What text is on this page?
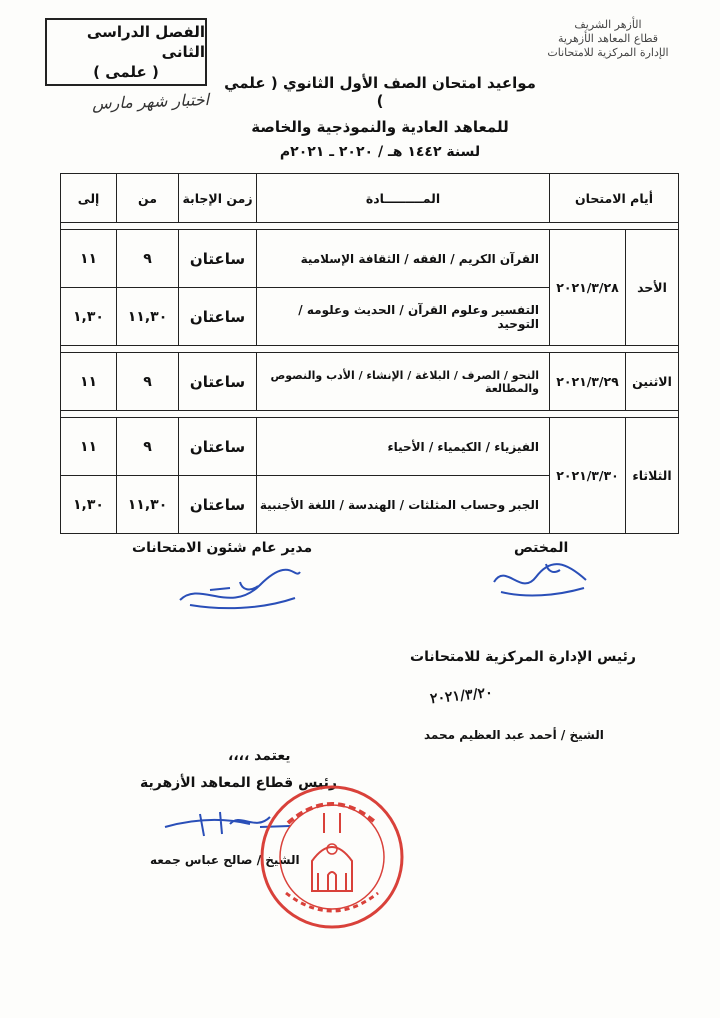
الفصل الدراسى الثانى
( علمى )
اختبار شهر مارس
الأزهر الشريف
قطاع المعاهد الأزهرية
الإدارة المركزية للامتحانات
مواعيد امتحان الصف الأول الثانوي ( علمي )
للمعاهد العادية والنموذجية والخاصة
لسنة ١٤٤٢ هـ / ٢٠٢٠ ـ ٢٠٢١م
أيام الامتحان		المـــــــــادة	زمن الإجابة	من	إلى

الأحد	٢٠٢١/٣/٢٨	القرآن الكريم / الفقه / الثقافة الإسلامية	ساعتان	٩	١١
		التفسير وعلوم القرآن / الحديث وعلومه / التوحيد	ساعتان	١١,٣٠	١,٣٠

الاثنين	٢٠٢١/٣/٢٩	النحو / الصرف / البلاغة / الإنشاء / الأدب والنصوص والمطالعة	ساعتان	٩	١١

الثلاثاء	٢٠٢١/٣/٣٠	الفيزياء / الكيمياء / الأحياء	ساعتان	٩	١١
		الجبر وحساب المثلثات / الهندسة / اللغة الأجنبية	ساعتان	١١,٣٠	١,٣٠
مدير عام شئون الامتحانات	المختص
رئيس الإدارة المركزية للامتحانات
٢٠٢١/٣/٢٠
الشيخ / أحمد عبد العظيم محمد
يعتمد ،،،،
رئيس قطاع المعاهد الأزهرية
الشيخ / صالح عباس جمعه
